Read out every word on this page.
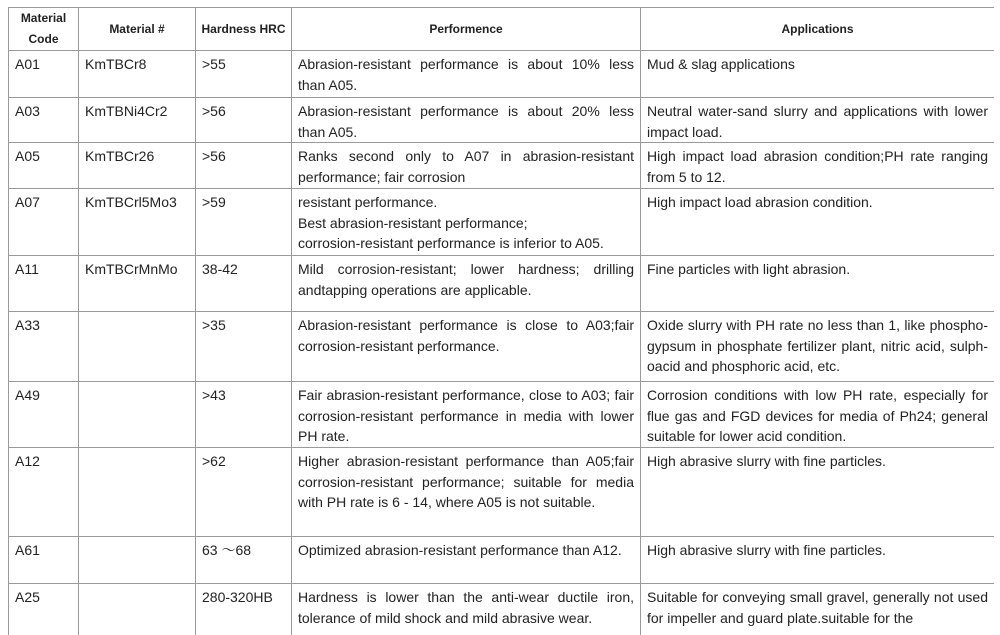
Material Code	Material #	Hardness HRC	Performence	Applications
A01	KmTBCr8	>55	Abrasion-resistant performance is about 10% less than A05.	Mud & slag applications
A03	KmTBNi4Cr2	>56	Abrasion-resistant performance is about 20% less than A05.	Neutral water-sand slurry and applications with lower impact load.
A05	KmTBCr26	>56	Ranks second only to A07 in abrasion-resistant performance; fair corrosion	High impact load abrasion condition;PH rate ranging from 5 to 12.
A07	KmTBCrl5Mo3	>59	resistant performance.
Best abrasion-resistant performance;
corrosion-resistant performance is inferior to A05.	High impact load abrasion condition.
A11	KmTBCrMnMo	38-42	Mild corrosion-resistant; lower hardness; drilling andtapping operations are applicable.	Fine particles with light abrasion.
A33		>35	Abrasion-resistant performance is close to A03;fair corrosion-resistant performance.	Oxide slurry with PH rate no less than 1, like phospho-gypsum in phosphate fertilizer plant, nitric acid, sulph-oacid and phosphoric acid, etc.
A49		>43	Fair abrasion-resistant performance, close to A03; fair corrosion-resistant performance in media with lower PH rate.	Corrosion conditions with low PH rate, especially for flue gas and FGD devices for media of Ph24; general suitable for lower acid condition.
A12		>62	Higher abrasion-resistant performance than A05;fair corrosion-resistant performance; suitable for media with PH rate is 6 - 14, where A05 is not suitable.	High abrasive slurry with fine particles.
A61		63 ～68	Optimized abrasion-resistant performance than A12.	High abrasive slurry with fine particles.
A25		280-320HB	Hardness is lower than the anti-wear ductile iron, tolerance of mild shock and mild abrasive wear.	Suitable for conveying small gravel, generally not used for impeller and guard plate.suitable for the
